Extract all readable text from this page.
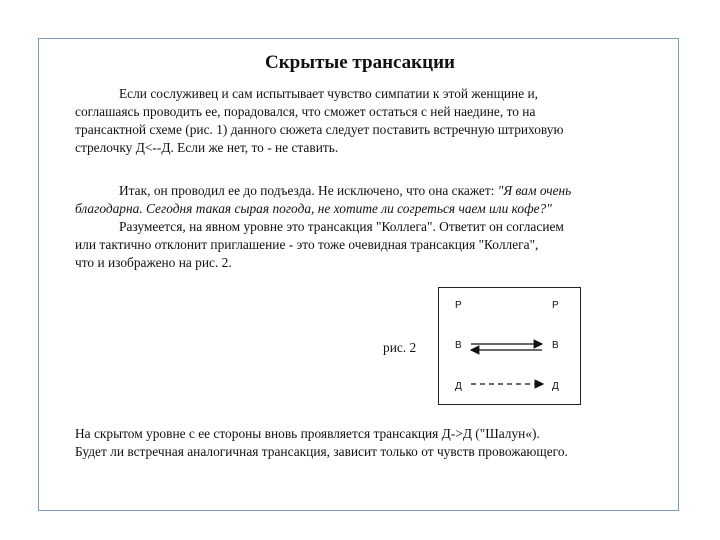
Скрытые трансакции
Если сослуживец и сам испытывает чувство симпатии к этой женщине и,
соглашаясь проводить ее, порадовался, что сможет остаться с ней наедине, то на
трансактной схеме (рис. 1) данного сюжета следует поставить встречную штриховую
стрелочку Д<--Д. Если же нет, то - не ставить.
Итак, он проводил ее до подъезда. Не исключено, что она скажет: "Я вам очень
благодарна. Сегодня такая сырая погода, не хотите ли согреться чаем или кофе?"
Разумеется, на явном уровне это трансакция "Коллега". Ответит он согласием
или тактично отклонит приглашение - это тоже очевидная трансакция "Коллега",
что и изображено на рис. 2.
рис. 2
Р
В
Д
Р
В
Д
На скрытом уровне с ее стороны вновь проявляется трансакция Д->Д ("Шалун«).
Будет ли встречная аналогичная трансакция, зависит только от чувств провожающего.
